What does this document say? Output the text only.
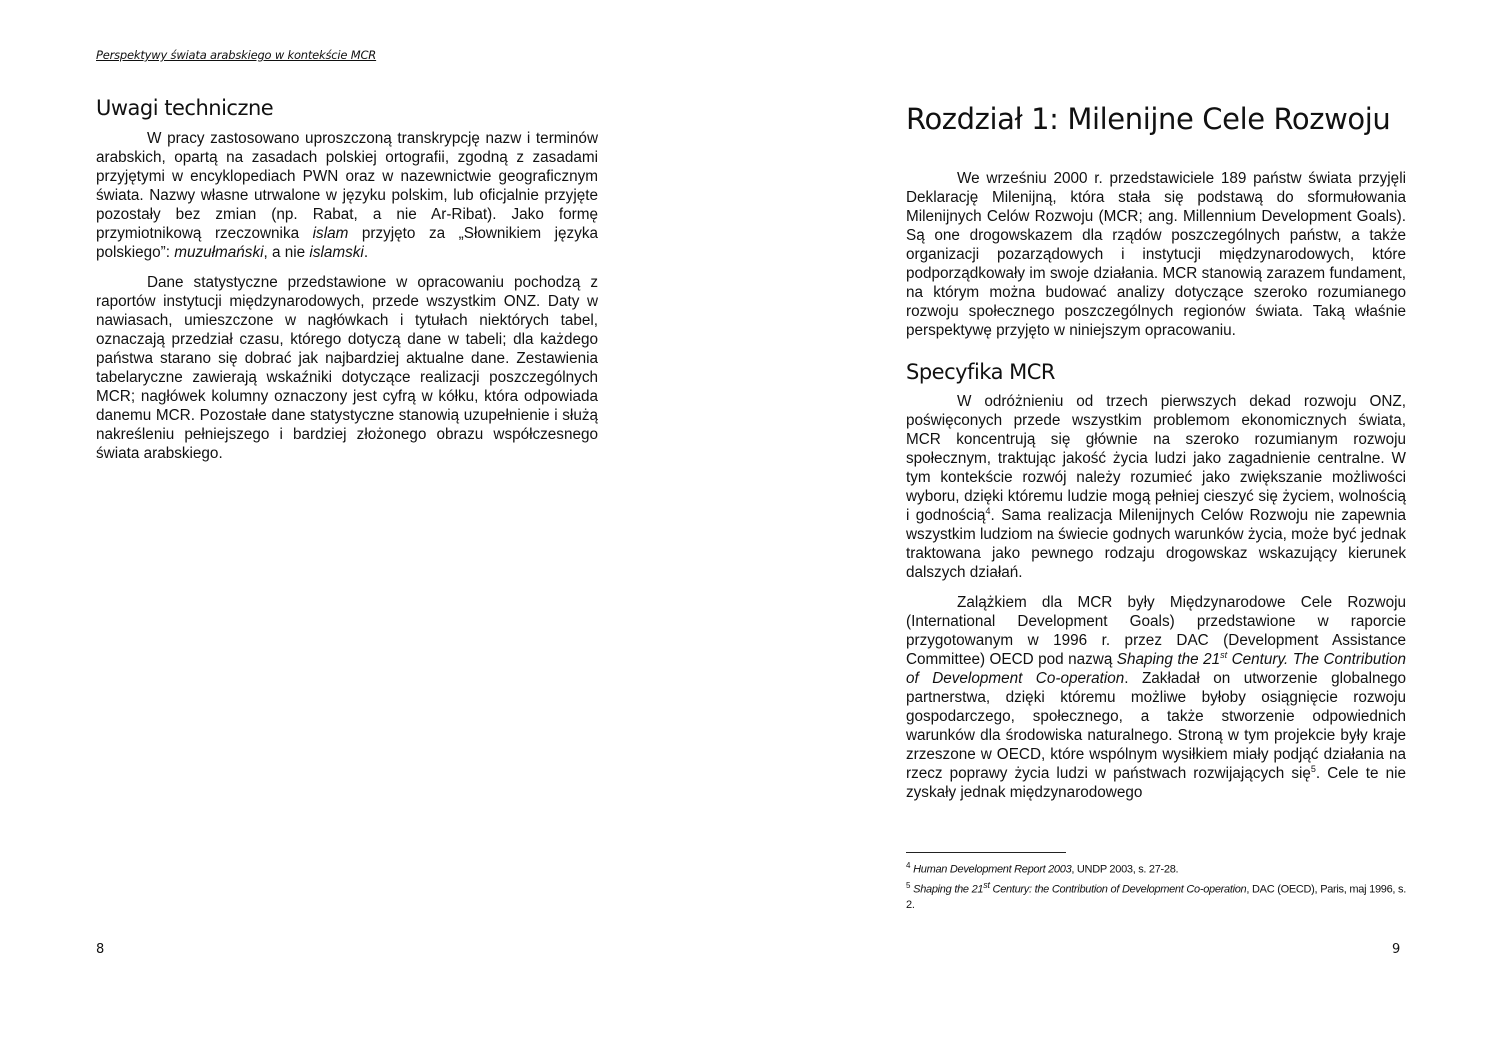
Perspektywy świata arabskiego w kontekście MCR
Uwagi techniczne

W pracy zastosowano uproszczoną transkrypcję nazw i terminów arabskich, opartą na zasadach polskiej ortografii, zgodną z zasadami przyjętymi w encyklopediach PWN oraz w nazewnictwie geograficznym świata. Nazwy własne utrwalone w języku polskim, lub oficjalnie przyjęte pozostały bez zmian (np. Rabat, a nie Ar-Ribat). Jako formę przymiotnikową rzeczownika islam przyjęto za „Słownikiem języka polskiego”: muzułmański, a nie islamski.

Dane statystyczne przedstawione w opracowaniu pochodzą z raportów instytucji międzynarodowych, przede wszystkim ONZ. Daty w nawiasach, umieszczone w nagłówkach i tytułach niektórych tabel, oznaczają przedział czasu, którego dotyczą dane w tabeli; dla każdego państwa starano się dobrać jak najbardziej aktualne dane. Zestawienia tabelaryczne zawierają wskaźniki dotyczące realizacji poszczególnych MCR; nagłówek kolumny oznaczony jest cyfrą w kółku, która odpowiada danemu MCR. Pozostałe dane statystyczne stanowią uzupełnienie i służą nakreśleniu pełniejszego i bardziej złożonego obrazu współczesnego świata arabskiego.

8
Rozdział 1: Milenijne Cele Rozwoju

We wrześniu 2000 r. przedstawiciele 189 państw świata przyjęli Deklarację Milenijną, która stała się podstawą do sformułowania Milenijnych Celów Rozwoju (MCR; ang. Millennium Development Goals). Są one drogowskazem dla rządów poszczególnych państw, a także organizacji pozarządowych i instytucji międzynarodowych, które podporządkowały im swoje działania. MCR stanowią zarazem fundament, na którym można budować analizy dotyczące szeroko rozumianego rozwoju społecznego poszczególnych regionów świata. Taką właśnie perspektywę przyjęto w niniejszym opracowaniu.

Specyfika MCR

W odróżnieniu od trzech pierwszych dekad rozwoju ONZ, poświęconych przede wszystkim problemom ekonomicznych świata, MCR koncentrują się głównie na szeroko rozumianym rozwoju społecznym, traktując jakość życia ludzi jako zagadnienie centralne. W tym kontekście rozwój należy rozumieć jako zwiększanie możliwości wyboru, dzięki któremu ludzie mogą pełniej cieszyć się życiem, wolnością i godnością$^4$. Sama realizacja Milenijnych Celów Rozwoju nie zapewnia wszystkim ludziom na świecie godnych warunków życia, może być jednak traktowana jako pewnego rodzaju drogowskaz wskazujący kierunek dalszych działań.

Zalążkiem dla MCR były Międzynarodowe Cele Rozwoju (International Development Goals) przedstawione w raporcie przygotowanym w 1996 r. przez DAC (Development Assistance Committee) OECD pod nazwą Shaping the 21st Century. The Contribution of Development Co-operation. Zakładał on utworzenie globalnego partnerstwa, dzięki któremu możliwe byłoby osiągnięcie rozwoju gospodarczego, społecznego, a także stworzenie odpowiednich warunków dla środowiska naturalnego. Stroną w tym projekcie były kraje zrzeszone w OECD, które wspólnym wysiłkiem miały podjąć działania na rzecz poprawy życia ludzi w państwach rozwijających się$^5$. Cele te nie zyskały jednak międzynarodowego

$^4$ Human Development Report 2003, UNDP 2003, s. 27-28.
$^5$ Shaping the 21st Century: the Contribution of Development Co-operation, DAC (OECD), Paris, maj 1996, s. 2.
9
